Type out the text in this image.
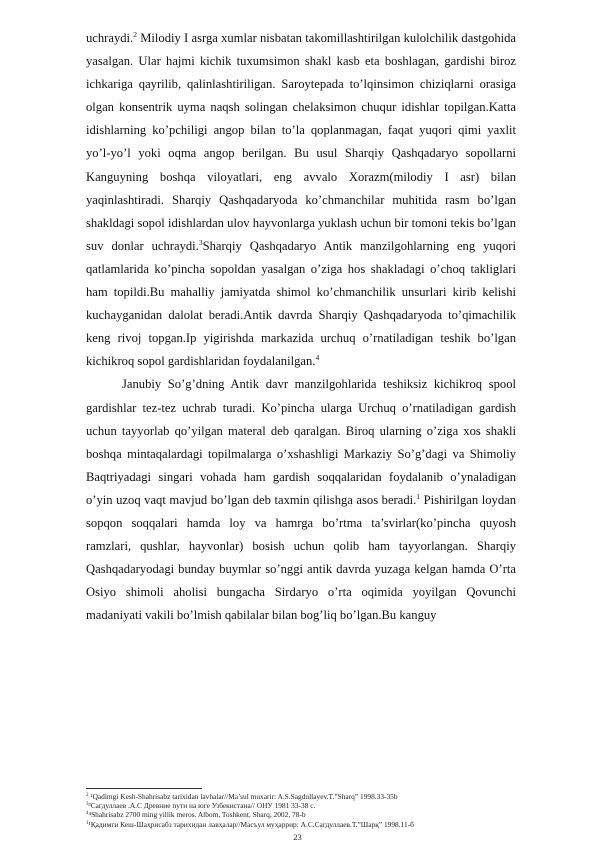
uchraydi.$^2$ Milodiy I asrga xumlar nisbatan takomillashtirilgan kulolchilik dastgohida yasalgan. Ular hajmi kichik tuxumsimon shakl kasb eta boshlagan, gardishi biroz ichkariga qayrilib, qalinlashtiriligan. Saroytepada to’lqinsimon chiziqlarni orasiga olgan konsentrik uyma naqsh solingan chelaksimon chuqur idishlar topilgan.Katta idishlarning ko’pchiligi angop bilan to’la qoplanmagan, faqat yuqori qimi yaxlit yo’l-yo’l yoki oqma angop berilgan. Bu usul Sharqiy Qashqadaryo sopollarni Kanguyning boshqa viloyatlari, eng avvalo Xorazm(milodiy I asr) bilan yaqinlashtiradi. Sharqiy Qashqadaryoda ko’chmanchilar muhitida rasm bo’lgan shakldagi sopol idishlardan ulov hayvonlarga yuklash uchun bir tomoni tekis bo’lgan suv donlar uchraydi.$^3$Sharqiy Qashqadaryo Antik manzilgohlarning eng yuqori qatlamlarida ko’pincha sopoldan yasalgan o’ziga hos shakladagi o’choq takliglari ham topildi.Bu mahalliy jamiyatda shimol ko’chmanchilik unsurlari kirib kelishi kuchayganidan dalolat beradi.Antik davrda Sharqiy Qashqadaryoda to’qimachilik keng rivoj topgan.Ip yigirishda markazida urchuq o’rnatiladigan teshik bo’lgan kichikroq sopol gardishlaridan foydalanilgan.$^4$

Janubiy So’g’dning Antik davr manzilgohlarida teshiksiz kichikroq spool gardishlar tez-tez uchrab turadi. Ko’pincha ularga Urchuq o’rnatiladigan gardish uchun tayyorlab qo’yilgan materal deb qaralgan. Biroq ularning o’ziga xos shakli boshqa mintaqalardagi topilmalarga o’xshashligi Markaziy So’g’dagi va Shimoliy Baqtriyadagi singari vohada ham gardish soqqalaridan foydalanib o’ynaladigan o’yin uzoq vaqt mavjud bo’lgan deb taxmin qilishga asos beradi.$^1$ Pishirilgan loydan sopqon soqqalari hamda loy va hamrga bo’rtma ta’svirlar(ko’pincha quyosh ramzlari, qushlar, hayvonlar) bosish uchun qolib ham tayyorlangan. Sharqiy Qashqadaryodagi bunday buymlar so’nggi antik davrda yuzaga kelgan hamda O’rta Osiyo shimoli aholisi bungacha Sirdaryo o’rta oqimida yoyilgan Qovunchi madaniyati vakili bo’lmish qabilalar bilan bog’liq bo’lgan.Bu kanguy

$^2$ ²Qadimgi Kesh-Shahrisabz tarixidan lavhalar//Ma’sul muxarir: A.S.Sagdullayev.T.”Sharq” 1998.33-35b
$^3$³Сагдуллаев .А.С Древние пути на юге Узбекистана// ОНУ 1981 33-38 с.
$^4$⁴Shahrisabz 2700 ming yillik meros. Albom, Toshkent, Sharq, 2002, 78-b
$^1$¹Қадимги Кеш-Шаҳрисабз тарихидан лавҳалар//Масъул муҳаррир: А.С.Сагдуллаев.Т.”Шарқ” 1998.11-б
23
